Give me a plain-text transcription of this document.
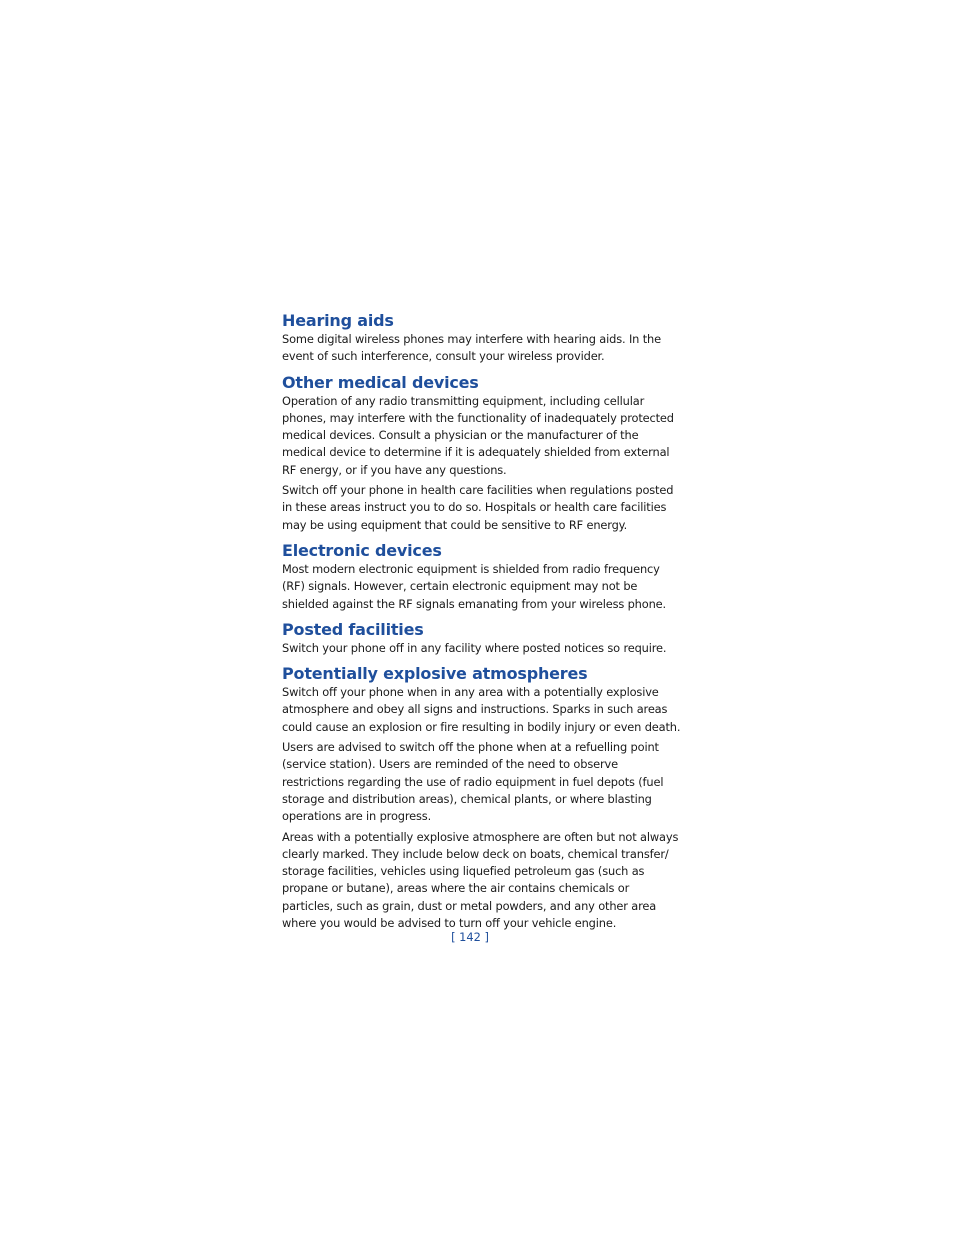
Hearing aids

Some digital wireless phones may interfere with hearing aids. In the event of such interference, consult your wireless provider.

Other medical devices

Operation of any radio transmitting equipment, including cellular phones, may interfere with the functionality of inadequately protected medical devices. Consult a physician or the manufacturer of the medical device to determine if it is adequately shielded from external RF energy, or if you have any questions.

Switch off your phone in health care facilities when regulations posted in these areas instruct you to do so. Hospitals or health care facilities may be using equipment that could be sensitive to RF energy.

Electronic devices

Most modern electronic equipment is shielded from radio frequency (RF) signals. However, certain electronic equipment may not be shielded against the RF signals emanating from your wireless phone.

Posted facilities

Switch your phone off in any facility where posted notices so require.

Potentially explosive atmospheres

Switch off your phone when in any area with a potentially explosive atmosphere and obey all signs and instructions. Sparks in such areas could cause an explosion or fire resulting in bodily injury or even death.

Users are advised to switch off the phone when at a refuelling point (service station). Users are reminded of the need to observe restrictions regarding the use of radio equipment in fuel depots (fuel storage and distribution areas), chemical plants, or where blasting operations are in progress.

Areas with a potentially explosive atmosphere are often but not always clearly marked. They include below deck on boats, chemical transfer/ storage facilities, vehicles using liquefied petroleum gas (such as propane or butane), areas where the air contains chemicals or particles, such as grain, dust or metal powders, and any other area where you would be advised to turn off your vehicle engine.

[ 142 ]
